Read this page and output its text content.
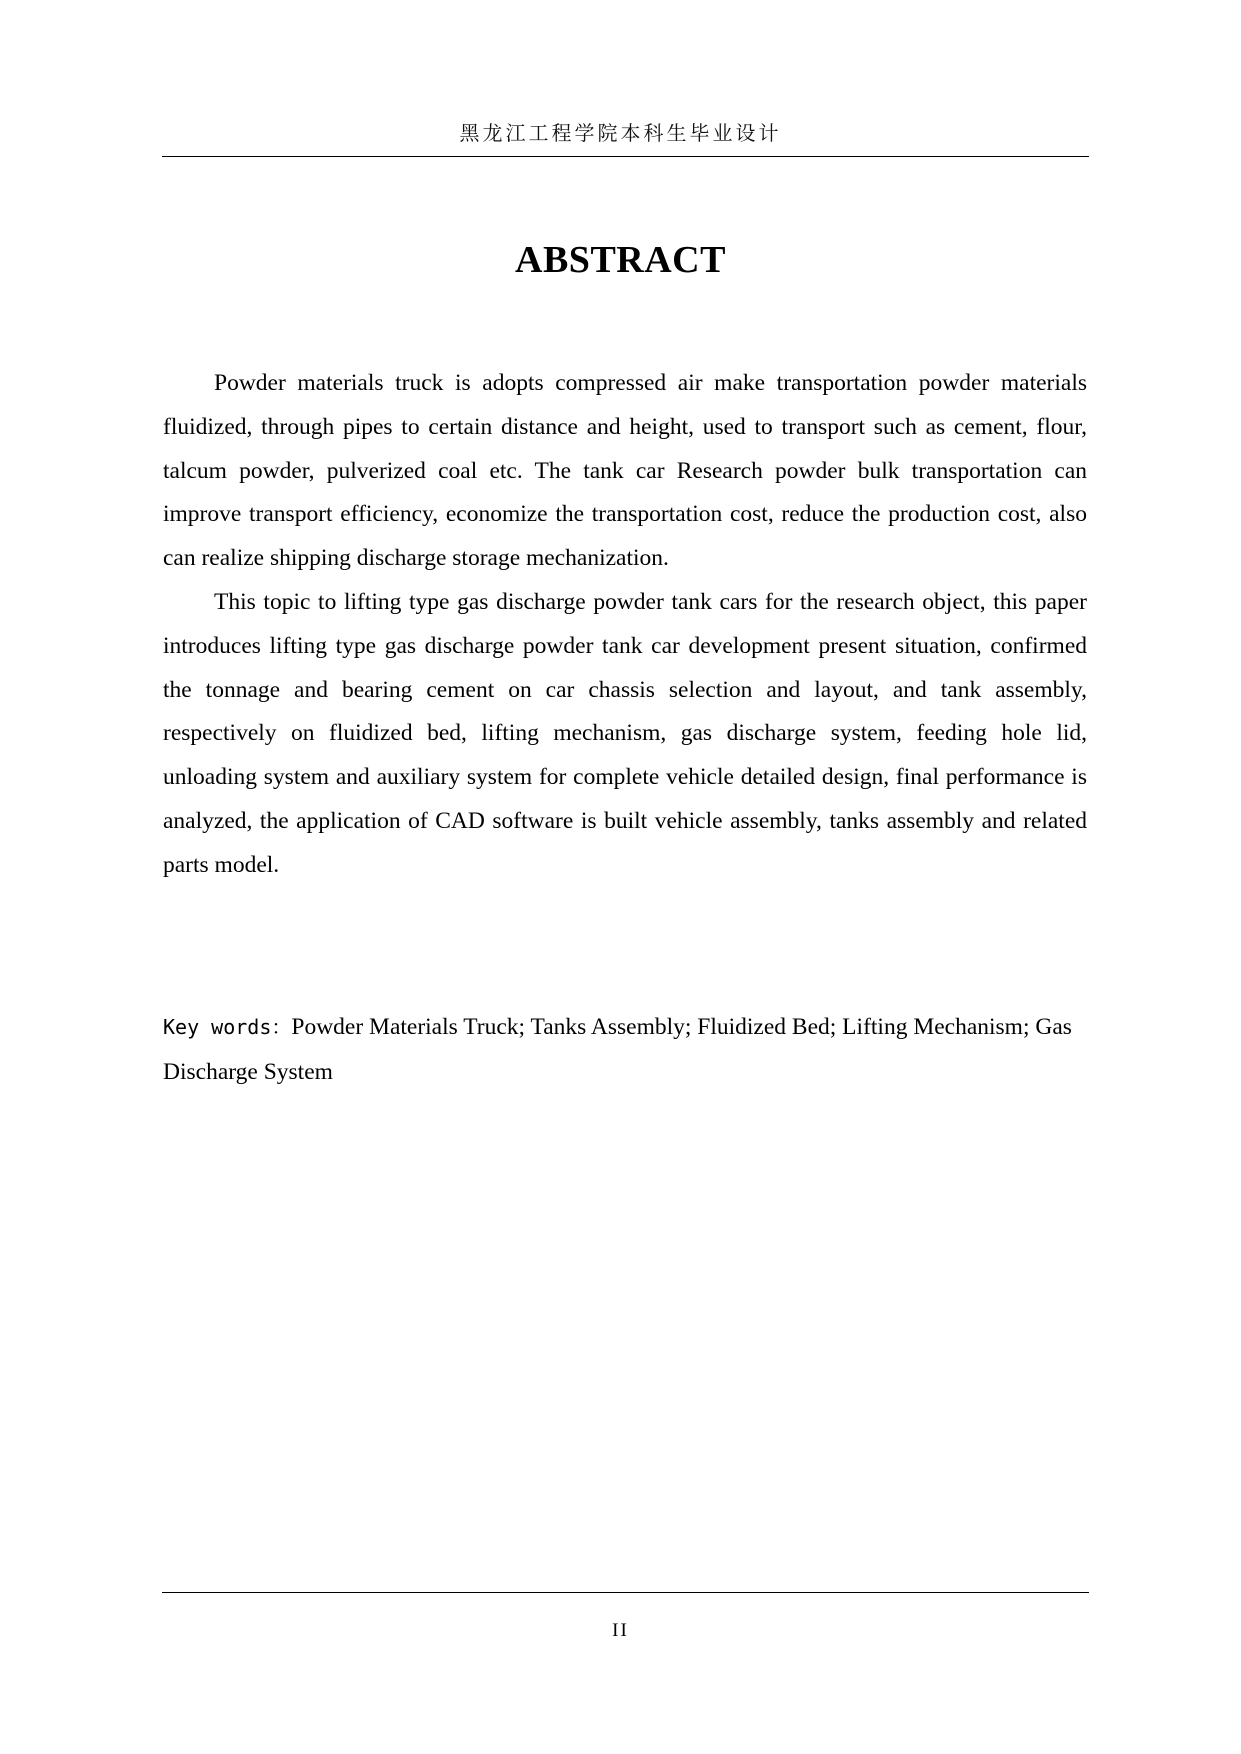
黑龙江工程学院本科生毕业设计
ABSTRACT

Powder materials truck is adopts compressed air make transportation powder materials fluidized, through pipes to certain distance and height, used to transport such as cement, flour, talcum powder, pulverized coal etc. The tank car Research powder bulk transportation can improve transport efficiency, economize the transportation cost, reduce the production cost, also can realize shipping discharge storage mechanization.

This topic to lifting type gas discharge powder tank cars for the research object, this paper introduces lifting type gas discharge powder tank car development present situation, confirmed the tonnage and bearing cement on car chassis selection and layout, and tank assembly, respectively on fluidized bed, lifting mechanism, gas discharge system, feeding hole lid, unloading system and auxiliary system for complete vehicle detailed design, final performance is analyzed, the application of CAD software is built vehicle assembly, tanks assembly and related parts model.

Key words：Powder Materials Truck; Tanks Assembly; Fluidized Bed; Lifting Mechanism; Gas Discharge System
II
